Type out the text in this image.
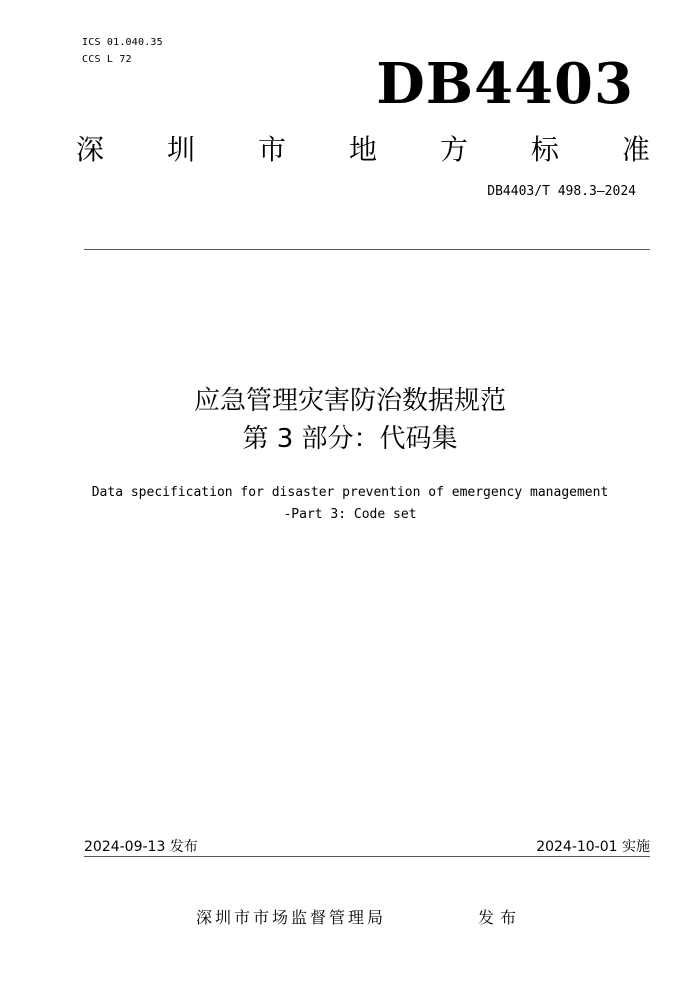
ICS 01.040.35
CCS L 72	DB4403
深 圳 市 地 方 标 准
DB4403/T 498.3—2024
应急管理灾害防治数据规范
第 3 部分：代码集
Data specification for disaster prevention of emergency management
-Part 3: Code set
2024-09-13 发布	2024-10-01 实施
深圳市市场监督管理局	发布
